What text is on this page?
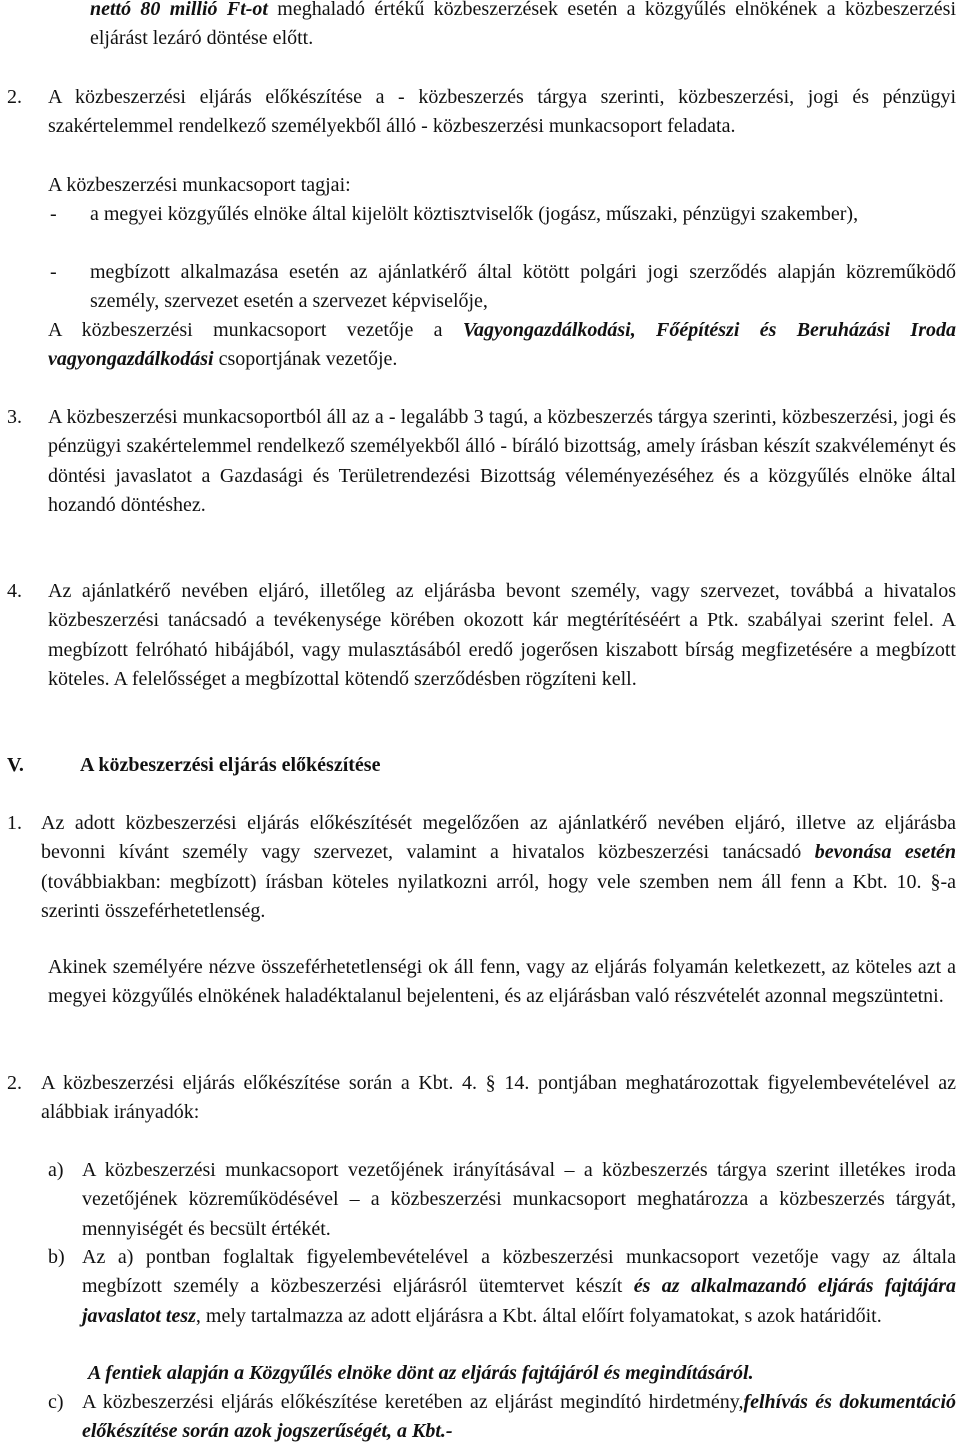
nettó 80 millió Ft-ot meghaladó értékű közbeszerzések esetén a közgyűlés elnökének a közbeszerzési eljárást lezáró döntése előtt.

2. A közbeszerzési eljárás előkészítése a - közbeszerzés tárgya szerinti, közbeszerzési, jogi és pénzügyi szakértelemmel rendelkező személyekből álló - közbeszerzési munkacsoport feladata.

A közbeszerzési munkacsoport tagjai:

- a megyei közgyűlés elnöke által kijelölt köztisztviselők (jogász, műszaki, pénzügyi szakember),

- megbízott alkalmazása esetén az ajánlatkérő által kötött polgári jogi szerződés alapján közreműködő személy, szervezet esetén a szervezet képviselője,

A közbeszerzési munkacsoport vezetője a Vagyongazdálkodási, Főépítészi és Beruházási Iroda vagyongazdálkodási csoportjának vezetője.

3. A közbeszerzési munkacsoportból áll az a - legalább 3 tagú, a közbeszerzés tárgya szerinti, közbeszerzési, jogi és pénzügyi szakértelemmel rendelkező személyekből álló - bíráló bizottság, amely írásban készít szakvéleményt és döntési javaslatot a Gazdasági és Területrendezési Bizottság véleményezéséhez és a közgyűlés elnöke által hozandó döntéshez.

4. Az ajánlatkérő nevében eljáró, illetőleg az eljárásba bevont személy, vagy szervezet, továbbá a hivatalos közbeszerzési tanácsadó a tevékenysége körében okozott kár megtérítéséért a Ptk. szabályai szerint felel. A megbízott felróható hibájából, vagy mulasztásából eredő jogerősen kiszabott bírság megfizetésére a megbízott köteles. A felelősséget a megbízottal kötendő szerződésben rögzíteni kell.

V.	A közbeszerzési eljárás előkészítése
1. Az adott közbeszerzési eljárás előkészítését megelőzően az ajánlatkérő nevében eljáró, illetve az eljárásba bevonni kívánt személy vagy szervezet, valamint a hivatalos közbeszerzési tanácsadó bevonása esetén (továbbiakban: megbízott) írásban köteles nyilatkozni arról, hogy vele szemben nem áll fenn a Kbt. 10. §-a szerinti összeférhetetlenség.

Akinek személyére nézve összeférhetetlenségi ok áll fenn, vagy az eljárás folyamán keletkezett, az köteles azt a megyei közgyűlés elnökének haladéktalanul bejelenteni, és az eljárásban való részvételét azonnal megszüntetni.

2. A közbeszerzési eljárás előkészítése során a Kbt. 4. § 14. pontjában meghatározottak figyelembevételével az alábbiak irányadók:

a) A közbeszerzési munkacsoport vezetőjének irányításával – a közbeszerzés tárgya szerint illetékes iroda vezetőjének közreműködésével – a közbeszerzési munkacsoport meghatározza a közbeszerzés tárgyát, mennyiségét és becsült értékét.

b) Az a) pontban foglaltak figyelembevételével a közbeszerzési munkacsoport vezetője vagy az általa megbízott személy a közbeszerzési eljárásról ütemtervet készít és az alkalmazandó eljárás fajtájára javaslatot tesz, mely tartalmazza az adott eljárásra a Kbt. által előírt folyamatokat, s azok határidőit.

A fentiek alapján a Közgyűlés elnöke dönt az eljárás fajtájáról és megindításáról.

c) A közbeszerzési eljárás előkészítése keretében az eljárást megindító hirdetmény,felhívás és dokumentáció előkészítése során azok jogszerűségét, a Kbt.-
